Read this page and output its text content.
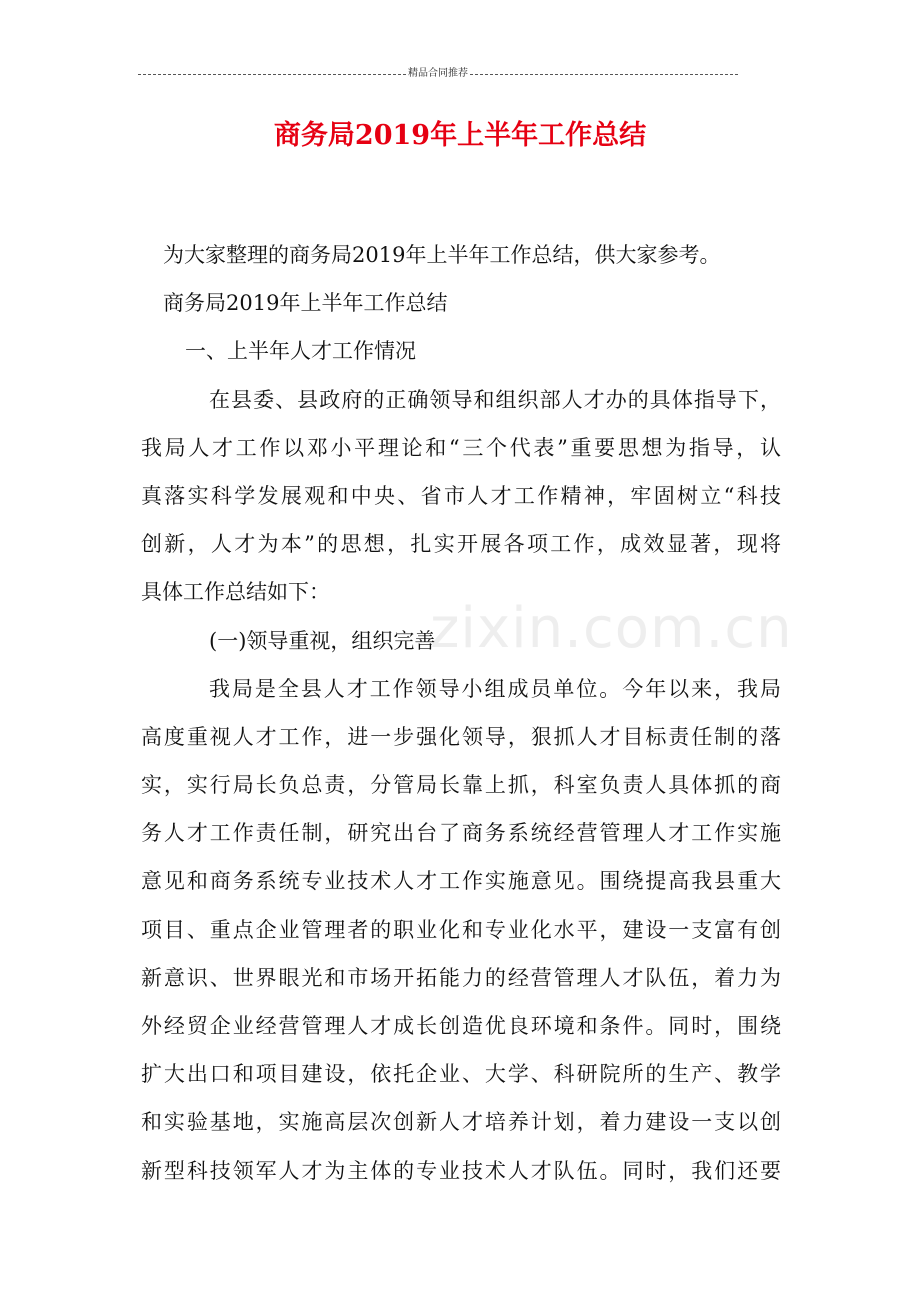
精品合同推荐
商务局2019年上半年工作总结

为大家整理的商务局2019年上半年工作总结，供大家参考。

商务局2019年上半年工作总结

一、上半年人才工作情况

在县委、县政府的正确领导和组织部人才办的具体指导下，

我局人才工作以邓小平理论和“三个代表”重要思想为指导，认

真落实科学发展观和中央、省市人才工作精神，牢固树立“科技

创新，人才为本”的思想，扎实开展各项工作，成效显著，现将

具体工作总结如下：

(一)领导重视，组织完善

我局是全县人才工作领导小组成员单位。今年以来，我局

高度重视人才工作，进一步强化领导，狠抓人才目标责任制的落

实，实行局长负总责，分管局长靠上抓，科室负责人具体抓的商

务人才工作责任制，研究出台了商务系统经营管理人才工作实施

意见和商务系统专业技术人才工作实施意见。围绕提高我县重大

项目、重点企业管理者的职业化和专业化水平，建设一支富有创

新意识、世界眼光和市场开拓能力的经营管理人才队伍，着力为

外经贸企业经营管理人才成长创造优良环境和条件。同时，围绕

扩大出口和项目建设，依托企业、大学、科研院所的生产、教学

和实验基地，实施高层次创新人才培养计划，着力建设一支以创

新型科技领军人才为主体的专业技术人才队伍。同时，我们还要

zixin.com.cn
